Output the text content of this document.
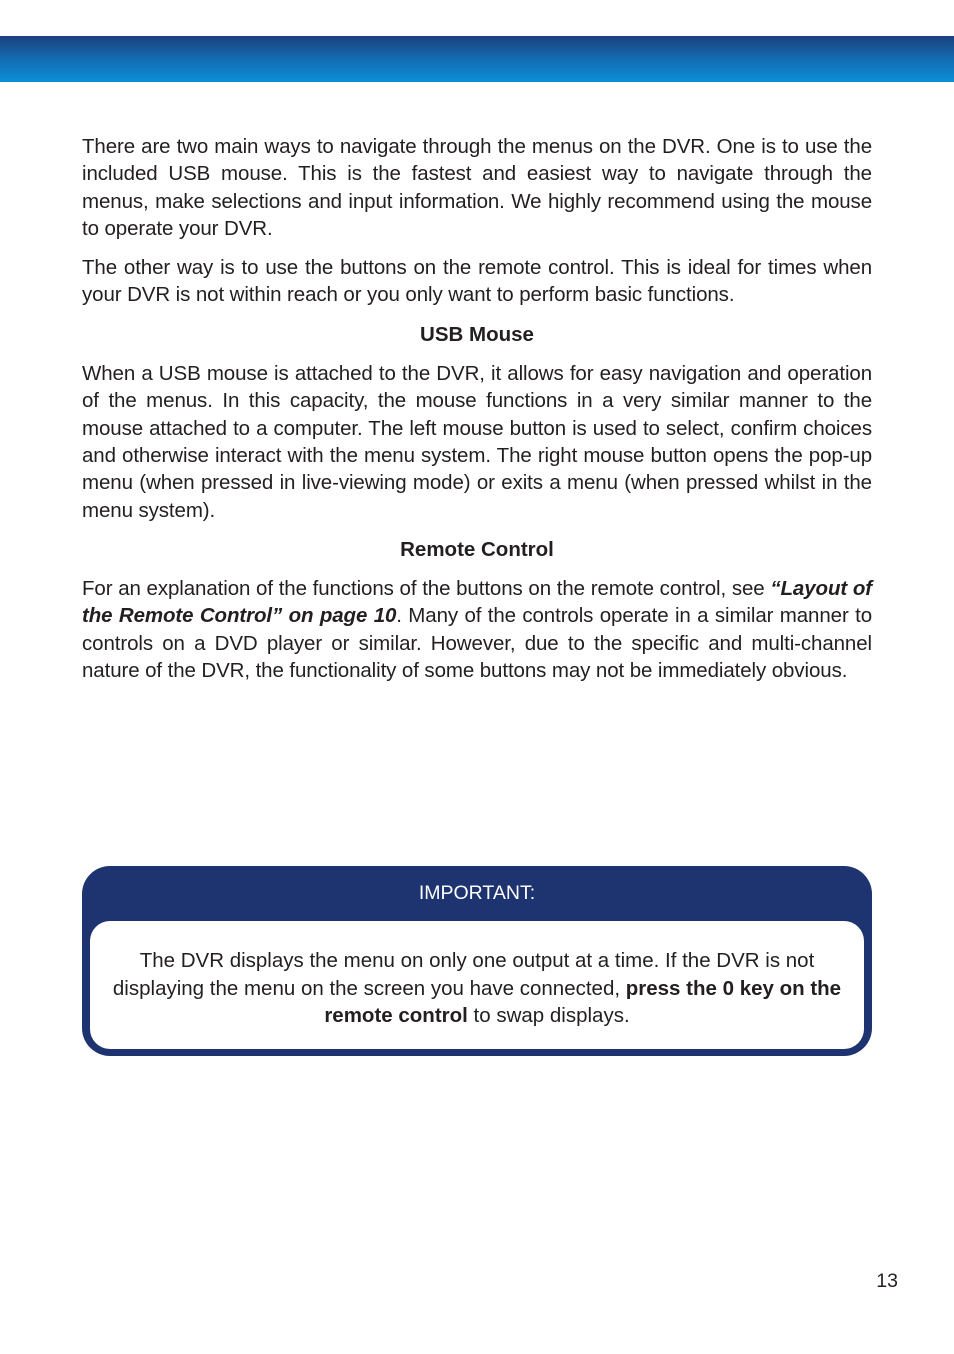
There are two main ways to navigate through the menus on the DVR. One is to use the included USB mouse. This is the fastest and easiest way to navigate through the menus, make selections and input information. We highly recommend using the mouse to operate your DVR.

The other way is to use the buttons on the remote control. This is ideal for times when your DVR is not within reach or you only want to perform basic functions.

USB Mouse

When a USB mouse is attached to the DVR, it allows for easy navigation and operation of the menus. In this capacity, the mouse functions in a very similar manner to the mouse attached to a computer. The left mouse button is used to select, confirm choices and otherwise interact with the menu system. The right mouse button opens the pop-up menu (when pressed in live-viewing mode) or exits a menu (when pressed whilst in the menu system).

Remote Control

For an explanation of the functions of the buttons on the remote control, see “Layout of the Remote Control” on page 10. Many of the controls operate in a similar manner to controls on a DVD player or similar. However, due to the specific and multi-channel nature of the DVR, the functionality of some buttons may not be immediately obvious.

IMPORTANT:
The DVR displays the menu on only one output at a time. If the DVR is not displaying the menu on the screen you have connected, press the 0 key on the remote control to swap displays.
13
